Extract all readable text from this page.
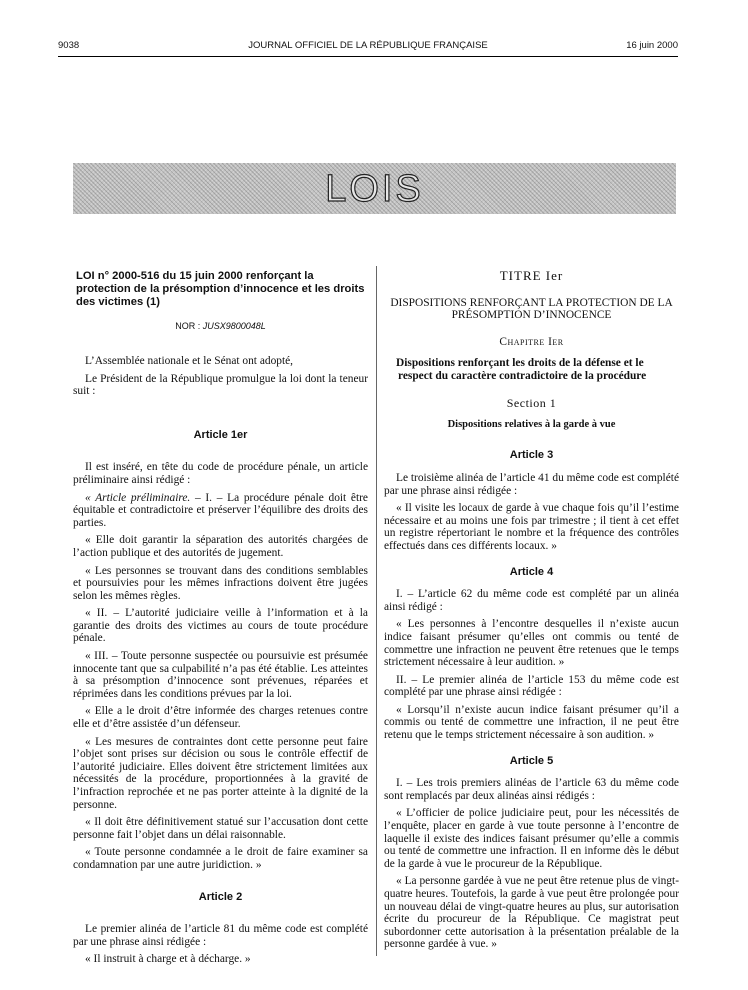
9038	JOURNAL OFFICIEL DE LA RÉPUBLIQUE FRANÇAISE	16 juin 2000
LOIS
LOI n° 2000-516 du 15 juin 2000 renforçant la protection de la présomption d’innocence et les droits des victimes (1)
NOR : JUSX9800048L

L’Assemblée nationale et le Sénat ont adopté,

Le Président de la République promulgue la loi dont la teneur suit :

Article 1er

Il est inséré, en tête du code de procédure pénale, un article préliminaire ainsi rédigé :

« Article préliminaire. – I. – La procédure pénale doit être équitable et contradictoire et préserver l’équilibre des droits des parties.

« Elle doit garantir la séparation des autorités chargées de l’action publique et des autorités de jugement.

« Les personnes se trouvant dans des conditions semblables et poursuivies pour les mêmes infractions doivent être jugées selon les mêmes règles.

« II. – L’autorité judiciaire veille à l’information et à la garantie des droits des victimes au cours de toute procédure pénale.

« III. – Toute personne suspectée ou poursuivie est présumée innocente tant que sa culpabilité n’a pas été établie. Les atteintes à sa présomption d’innocence sont prévenues, réparées et réprimées dans les conditions prévues par la loi.

« Elle a le droit d’être informée des charges retenues contre elle et d’être assistée d’un défenseur.

« Les mesures de contraintes dont cette personne peut faire l’objet sont prises sur décision ou sous le contrôle effectif de l’autorité judiciaire. Elles doivent être strictement limitées aux nécessités de la procédure, proportionnées à la gravité de l’infraction reprochée et ne pas porter atteinte à la dignité de la personne.

« Il doit être définitivement statué sur l’accusation dont cette personne fait l’objet dans un délai raisonnable.

« Toute personne condamnée a le droit de faire examiner sa condamnation par une autre juridiction. »

Article 2

Le premier alinéa de l’article 81 du même code est complété par une phrase ainsi rédigée :

« Il instruit à charge et à décharge. »

TITRE Ier
DISPOSITIONS RENFORÇANT LA PROTECTION DE LA PRÉSOMPTION D’INNOCENCE
Chapitre Ier
Dispositions renforçant les droits de la défense et le respect du caractère contradictoire de la procédure
Section 1
Dispositions relatives à la garde à vue
Article 3

Le troisième alinéa de l’article 41 du même code est complété par une phrase ainsi rédigée :

« Il visite les locaux de garde à vue chaque fois qu’il l’estime nécessaire et au moins une fois par trimestre ; il tient à cet effet un registre répertoriant le nombre et la fréquence des contrôles effectués dans ces différents locaux. »

Article 4

I. – L’article 62 du même code est complété par un alinéa ainsi rédigé :

« Les personnes à l’encontre desquelles il n’existe aucun indice faisant présumer qu’elles ont commis ou tenté de commettre une infraction ne peuvent être retenues que le temps strictement nécessaire à leur audition. »

II. – Le premier alinéa de l’article 153 du même code est complété par une phrase ainsi rédigée :

« Lorsqu’il n’existe aucun indice faisant présumer qu’il a commis ou tenté de commettre une infraction, il ne peut être retenu que le temps strictement nécessaire à son audition. »

Article 5

I. – Les trois premiers alinéas de l’article 63 du même code sont remplacés par deux alinéas ainsi rédigés :

« L’officier de police judiciaire peut, pour les nécessités de l’enquête, placer en garde à vue toute personne à l’encontre de laquelle il existe des indices faisant présumer qu’elle a commis ou tenté de commettre une infraction. Il en informe dès le début de la garde à vue le procureur de la République.

« La personne gardée à vue ne peut être retenue plus de vingt-quatre heures. Toutefois, la garde à vue peut être prolongée pour un nouveau délai de vingt-quatre heures au plus, sur autorisation écrite du procureur de la République. Ce magistrat peut subordonner cette autorisation à la présentation préalable de la personne gardée à vue. »
